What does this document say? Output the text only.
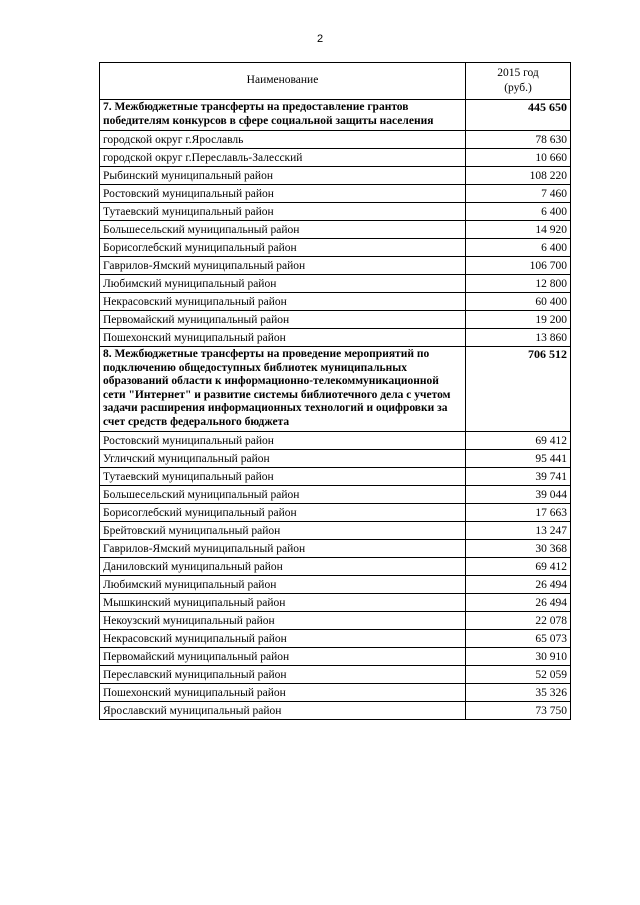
2
Наименование	2015 год
(руб.)
7. Межбюджетные трансферты на предоставление грантов победителям конкурсов в сфере социальной защиты населения	445 650
городской округ г.Ярославль	78 630
городской округ г.Переславль-Залесский	10 660
Рыбинский муниципальный район	108 220
Ростовский муниципальный район	7 460
Тутаевский муниципальный район	6 400
Большесельский муниципальный район	14 920
Борисоглебский муниципальный район	6 400
Гаврилов-Ямский муниципальный район	106 700
Любимский муниципальный район	12 800
Некрасовский муниципальный район	60 400
Первомайский муниципальный район	19 200
Пошехонский муниципальный район	13 860
8. Межбюджетные трансферты на проведение мероприятий по подключению общедоступных библиотек муниципальных образований области к информационно-телекоммуникационной сети "Интернет" и развитие системы библиотечного дела с учетом задачи расширения информационных технологий и оцифровки за счет средств федерального бюджета	706 512
Ростовский муниципальный район	69 412
Угличский муниципальный район	95 441
Тутаевский муниципальный район	39 741
Большесельский муниципальный район	39 044
Борисоглебский муниципальный район	17 663
Брейтовский муниципальный район	13 247
Гаврилов-Ямский муниципальный район	30 368
Даниловский муниципальный район	69 412
Любимский муниципальный район	26 494
Мышкинский муниципальный район	26 494
Некоузский муниципальный район	22 078
Некрасовский муниципальный район	65 073
Первомайский муниципальный район	30 910
Переславский муниципальный район	52 059
Пошехонский муниципальный район	35 326
Ярославский муниципальный район	73 750
